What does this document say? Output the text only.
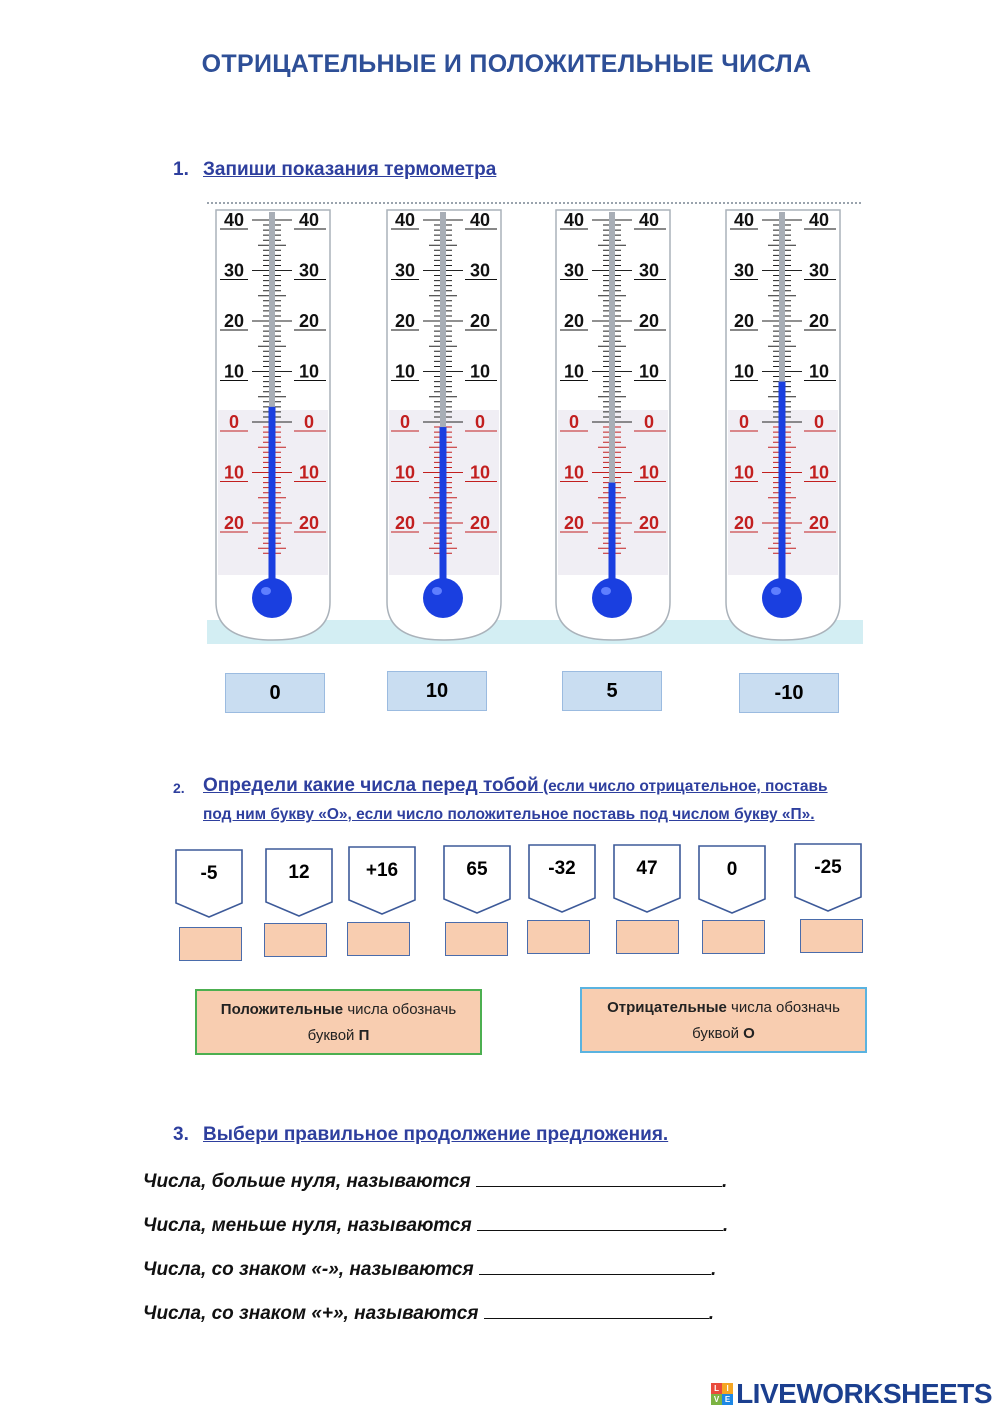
ОТРИЦАТЕЛЬНЫЕ И ПОЛОЖИТЕЛЬНЫЕ ЧИСЛА
1. Запиши показания термометра
40	40
30	30
20	20
10	10
0	0
10	10
20	20
40	40
30	30
20	20
10	10
0	0
10	10
20	20
40	40
30	30
20	20
10	10
0	0
10	10
20	20
40	40
30	30
20	20
10	10
0	0
10	10
20	20
0	10	5	-10
2. Определи какие числа перед тобой (если число отрицательное, поставь
под ним букву «О», если число положительное поставь под числом букву «П».
-5	12	+16	65	-32	47	0	-25
Положительные числа обозначь
буквой П
Отрицательные числа обозначь
буквой О
3. Выбери правильное продолжение предложения.
Числа, больше нуля, называются	.
Числа, меньше нуля, называются	.
Числа, со знаком «-», называются	.
Числа, со знаком «+», называются	.
L I
V E LIVEWORKSHEETS
